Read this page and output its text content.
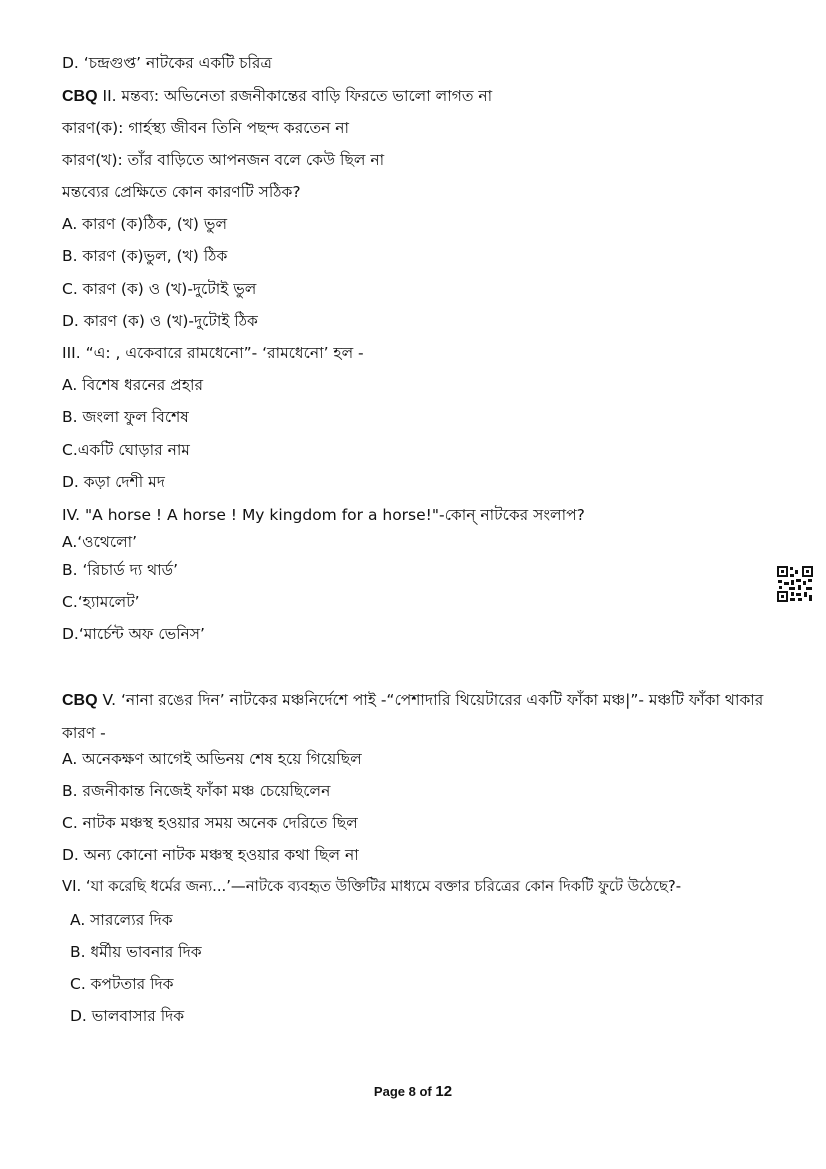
D. ‘চন্দ্রগুপ্ত’ নাটকের একটি চরিত্র
CBQ II. মন্তব্য: অভিনেতা রজনীকান্তের বাড়ি ফিরতে ভালো লাগত না
কারণ(ক): গার্হস্থ্য জীবন তিনি পছন্দ করতেন না
কারণ(খ): তাঁর বাড়িতে আপনজন বলে কেউ ছিল না
মন্তব্যের প্রেক্ষিতে কোন কারণটি সঠিক?
A. কারণ (ক)ঠিক, (খ) ভুল
B. কারণ (ক)ভুল, (খ) ঠিক
C. কারণ (ক) ও (খ)-দুটোই ভুল
D. কারণ (ক) ও (খ)-দুটোই ঠিক
III. “এ: , একেবারে রামধেনো”- ‘রামধেনো’ হল -
A. বিশেষ ধরনের প্রহার
B. জংলা ফুল বিশেষ
C.একটি ঘোড়ার নাম
D. কড়া দেশী মদ
IV. "A horse ! A horse ! My kingdom for a horse!"-কোন্ নাটকের সংলাপ?
A.‘ওথেলো’
B. ‘রিচার্ড দ্য থার্ড’
C.‘হ্যামলেট’
D.‘মার্চেন্ট অফ ভেনিস’
CBQ V. ‘নানা রঙের দিন’ নাটকের মঞ্চনির্দেশে পাই -“পেশাদারি থিয়েটারের একটি ফাঁকা মঞ্চ|”- মঞ্চটি ফাঁকা থাকার কারণ -
A. অনেকক্ষণ আগেই অভিনয় শেষ হয়ে গিয়েছিল
B. রজনীকান্ত নিজেই ফাঁকা মঞ্চ চেয়েছিলেন
C. নাটক মঞ্চস্থ হওয়ার সময় অনেক দেরিতে ছিল
D. অন্য কোনো নাটক মঞ্চস্থ হওয়ার কথা ছিল না
VI. ‘যা করেছি ধর্মের জন্য...’—নাটকে ব্যবহৃত উক্তিটির মাধ্যমে বক্তার চরিত্রের কোন দিকটি ফুটে উঠেছে?-
A. সারল্যের দিক
B. ধর্মীয় ভাবনার দিক
C. কপটতার দিক
D. ভালবাসার দিক
Page 8 of 12
